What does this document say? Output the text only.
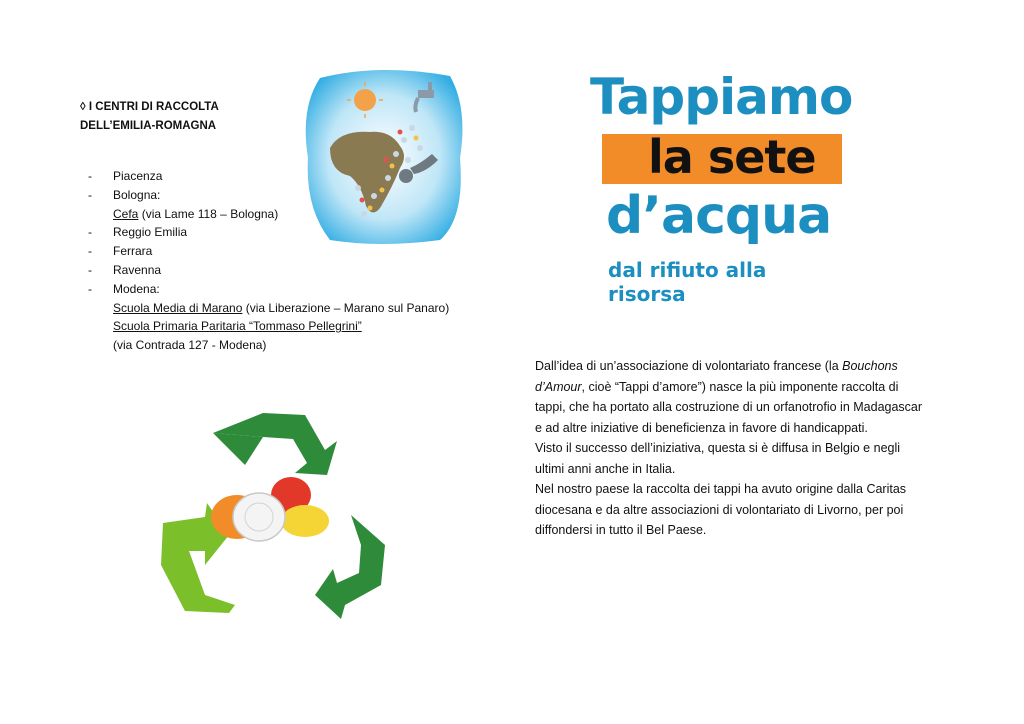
◊ I CENTRI DI RACCOLTA
DELL’EMILIA-ROMAGNA
- Piacenza
- Bologna:
Cefa (via Lame 118 – Bologna)
- Reggio Emilia
- Ferrara
- Ravenna
- Modena:
Scuola Media di Marano (via Liberazione – Marano sul Panaro)
Scuola Primaria Paritaria “Tommaso Pellegrini”
(via Contrada 127 - Modena)
Tappiamo
la sete
d’acqua
dal rifiuto alla risorsa

Dall’idea di un’associazione di volontariato francese (la Bouchons d’Amour, cioè “Tappi d’amore”) nasce la più imponente raccolta di tappi, che ha portato alla costruzione di un orfanotrofio in Madagascar e ad altre iniziative di beneficienza in favore di handicappati.

Visto il successo dell’iniziativa, questa si è diffusa in Belgio e negli ultimi anni anche in Italia.

Nel nostro paese la raccolta dei tappi ha avuto origine dalla Caritas diocesana e da altre associazioni di volontariato di Livorno, per poi diffondersi in tutto il Bel Paese.
